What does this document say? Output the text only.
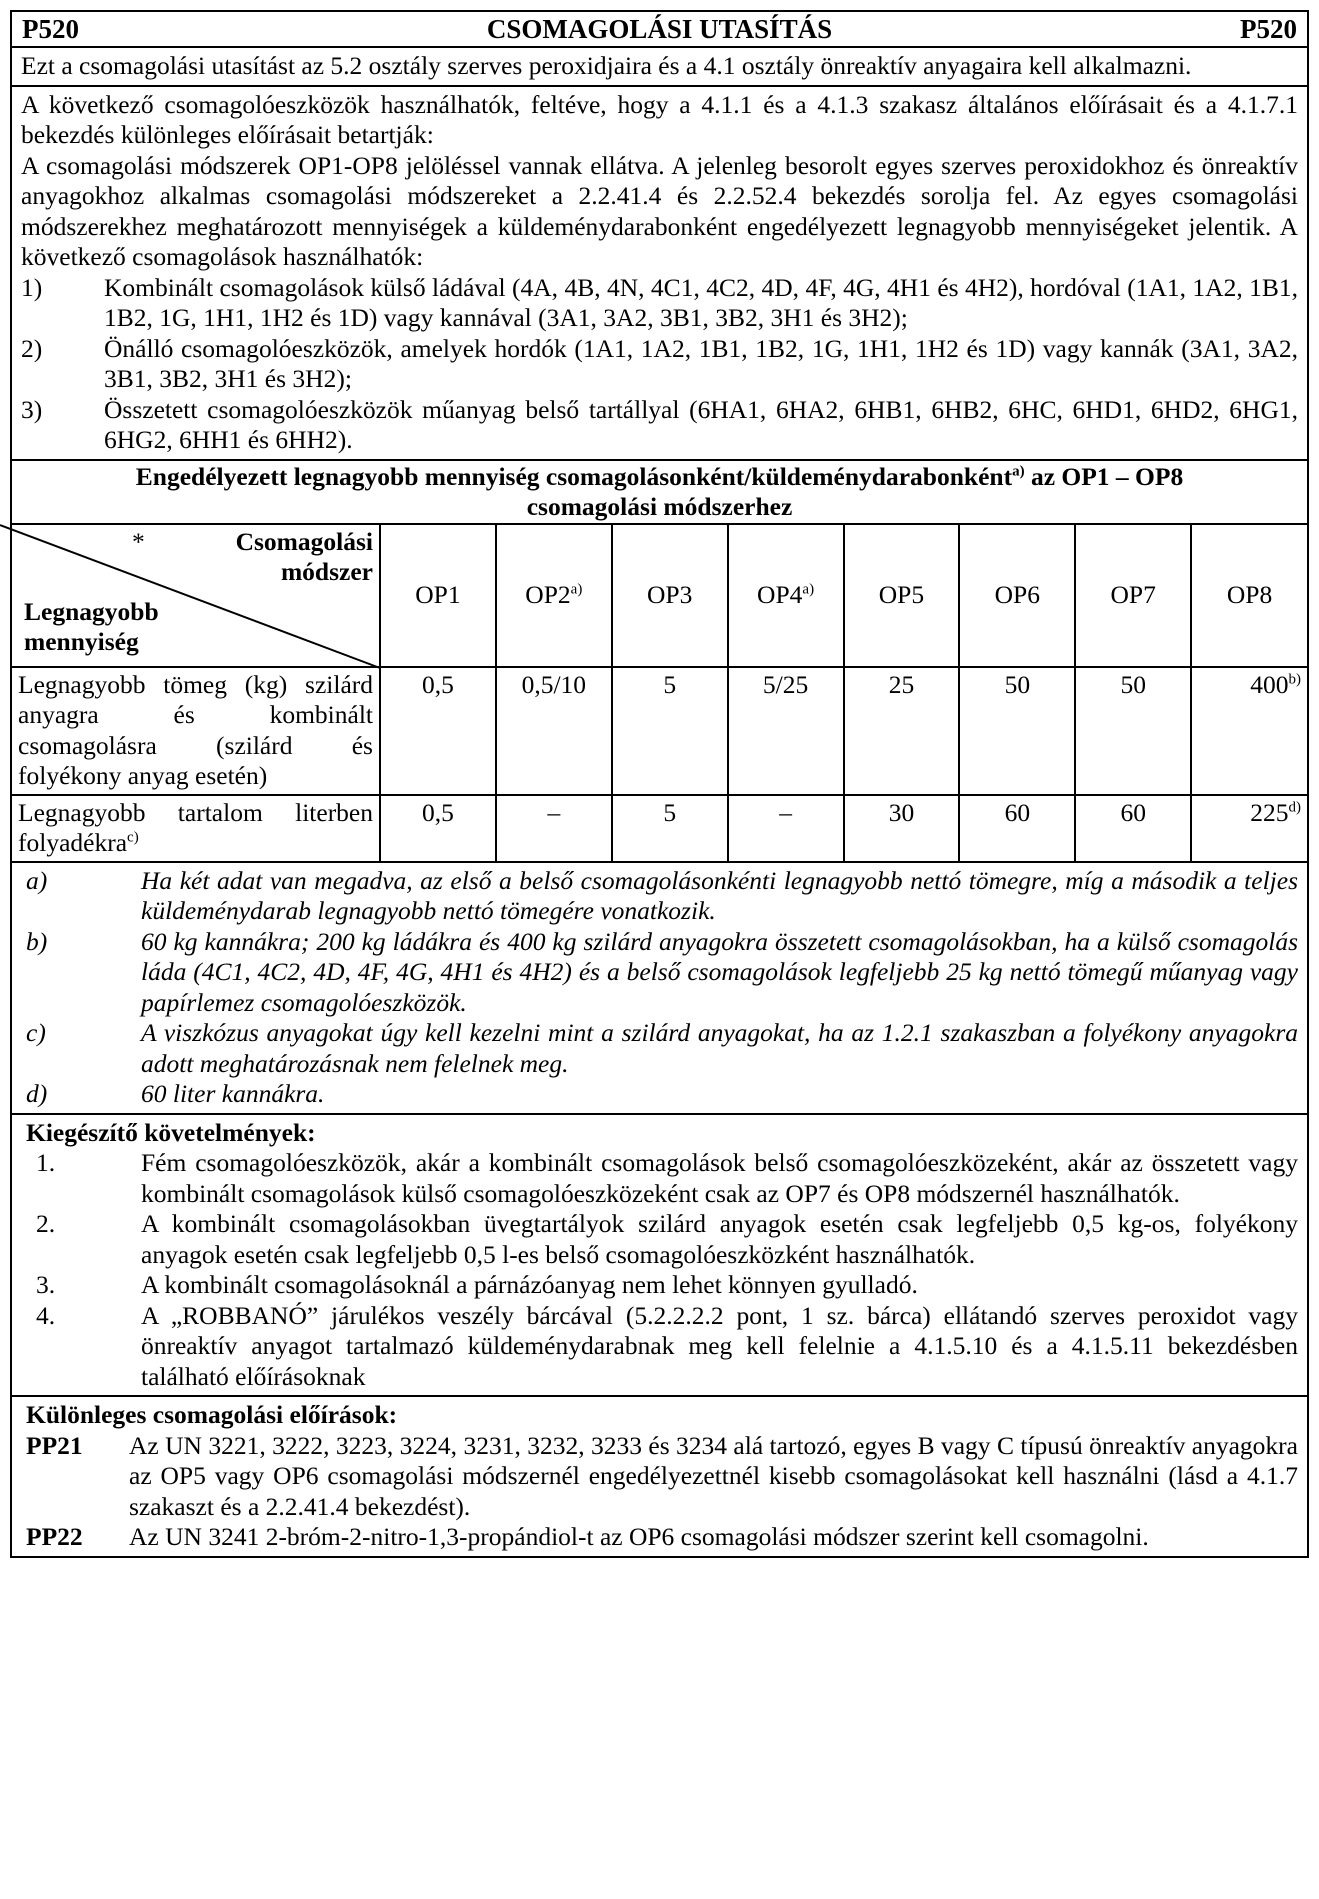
P520	CSOMAGOLÁSI UTASÍTÁS	P520
Ezt a csomagolási utasítást az 5.2 osztály szerves peroxidjaira és a 4.1 osztály önreaktív anyagaira kell alkalmazni.
A következő csomagolóeszközök használhatók, feltéve, hogy a 4.1.1 és a 4.1.3 szakasz általános előírásait és a 4.1.7.1 bekezdés különleges előírásait betartják:
A csomagolási módszerek OP1-OP8 jelöléssel vannak ellátva. A jelenleg besorolt egyes szerves peroxidokhoz és önreaktív anyagokhoz alkalmas csomagolási módszereket a 2.2.41.4 és 2.2.52.4 bekezdés sorolja fel. Az egyes csomagolási módszerekhez meghatározott mennyiségek a küldeménydarabonként engedélyezett legnagyobb mennyiségeket jelentik. A következő csomagolások használhatók:
1)	Kombinált csomagolások külső ládával (4A, 4B, 4N, 4C1, 4C2, 4D, 4F, 4G, 4H1 és 4H2), hordóval (1A1, 1A2, 1B1, 1B2, 1G, 1H1, 1H2 és 1D) vagy kannával (3A1, 3A2, 3B1, 3B2, 3H1 és 3H2);
2)	Önálló csomagolóeszközök, amelyek hordók (1A1, 1A2, 1B1, 1B2, 1G, 1H1, 1H2 és 1D) vagy kannák (3A1, 3A2, 3B1, 3B2, 3H1 és 3H2);
3)	Összetett csomagolóeszközök műanyag belső tartállyal (6HA1, 6HA2, 6HB1, 6HB2, 6HC, 6HD1, 6HD2, 6HG1, 6HG2, 6HH1 és 6HH2).
Engedélyezett legnagyobb mennyiség csomagolásonként/küldeménydarabonként$^{a)}$ az OP1 – OP8
csomagolási módszerhez
* Csomagolási
módszer
Legnagyobb mennyiség	OP1	OP2$^{a)}$	OP3	OP4$^{a)}$	OP5	OP6	OP7	OP8
Legnagyobb tömeg (kg) szilárd anyagra és kombinált csomagolásra (szilárd és folyékony anyag esetén)	0,5	0,5/10	5	5/25	25	50	50	400$^{b)}$
Legnagyobb tartalom literben folyadékra$^{c)}$	0,5	–	5	–	30	60	60	225$^{d)}$
a)	Ha két adat van megadva, az első a belső csomagolásonkénti legnagyobb nettó tömegre, míg a második a teljes küldeménydarab legnagyobb nettó tömegére vonatkozik.
b)	60 kg kannákra; 200 kg ládákra és 400 kg szilárd anyagokra összetett csomagolásokban, ha a külső csomagolás láda (4C1, 4C2, 4D, 4F, 4G, 4H1 és 4H2) és a belső csomagolások legfeljebb 25 kg nettó tömegű műanyag vagy papírlemez csomagolóeszközök.
c)	A viszkózus anyagokat úgy kell kezelni mint a szilárd anyagokat, ha az 1.2.1 szakaszban a folyékony anyagokra adott meghatározásnak nem felelnek meg.
d)	60 liter kannákra.
Kiegészítő követelmények:
1.	Fém csomagolóeszközök, akár a kombinált csomagolások belső csomagolóeszközeként, akár az összetett vagy kombinált csomagolások külső csomagolóeszközeként csak az OP7 és OP8 módszernél használhatók.
2.	A kombinált csomagolásokban üvegtartályok szilárd anyagok esetén csak legfeljebb 0,5 kg-os, folyékony anyagok esetén csak legfeljebb 0,5 l-es belső csomagolóeszközként használhatók.
3.	A kombinált csomagolásoknál a párnázóanyag nem lehet könnyen gyulladó.
4.	A „ROBBANÓ” járulékos veszély bárcával (5.2.2.2.2 pont, 1 sz. bárca) ellátandó szerves peroxidot vagy önreaktív anyagot tartalmazó küldeménydarabnak meg kell felelnie a 4.1.5.10 és a 4.1.5.11 bekezdésben található előírásoknak
Különleges csomagolási előírások:
PP21	Az UN 3221, 3222, 3223, 3224, 3231, 3232, 3233 és 3234 alá tartozó, egyes B vagy C típusú önreaktív anyagokra az OP5 vagy OP6 csomagolási módszernél engedélyezettnél kisebb csomagolásokat kell használni (lásd a 4.1.7 szakaszt és a 2.2.41.4 bekezdést).
PP22	Az UN 3241 2-bróm-2-nitro-1,3-propándiol-t az OP6 csomagolási módszer szerint kell csomagolni.
